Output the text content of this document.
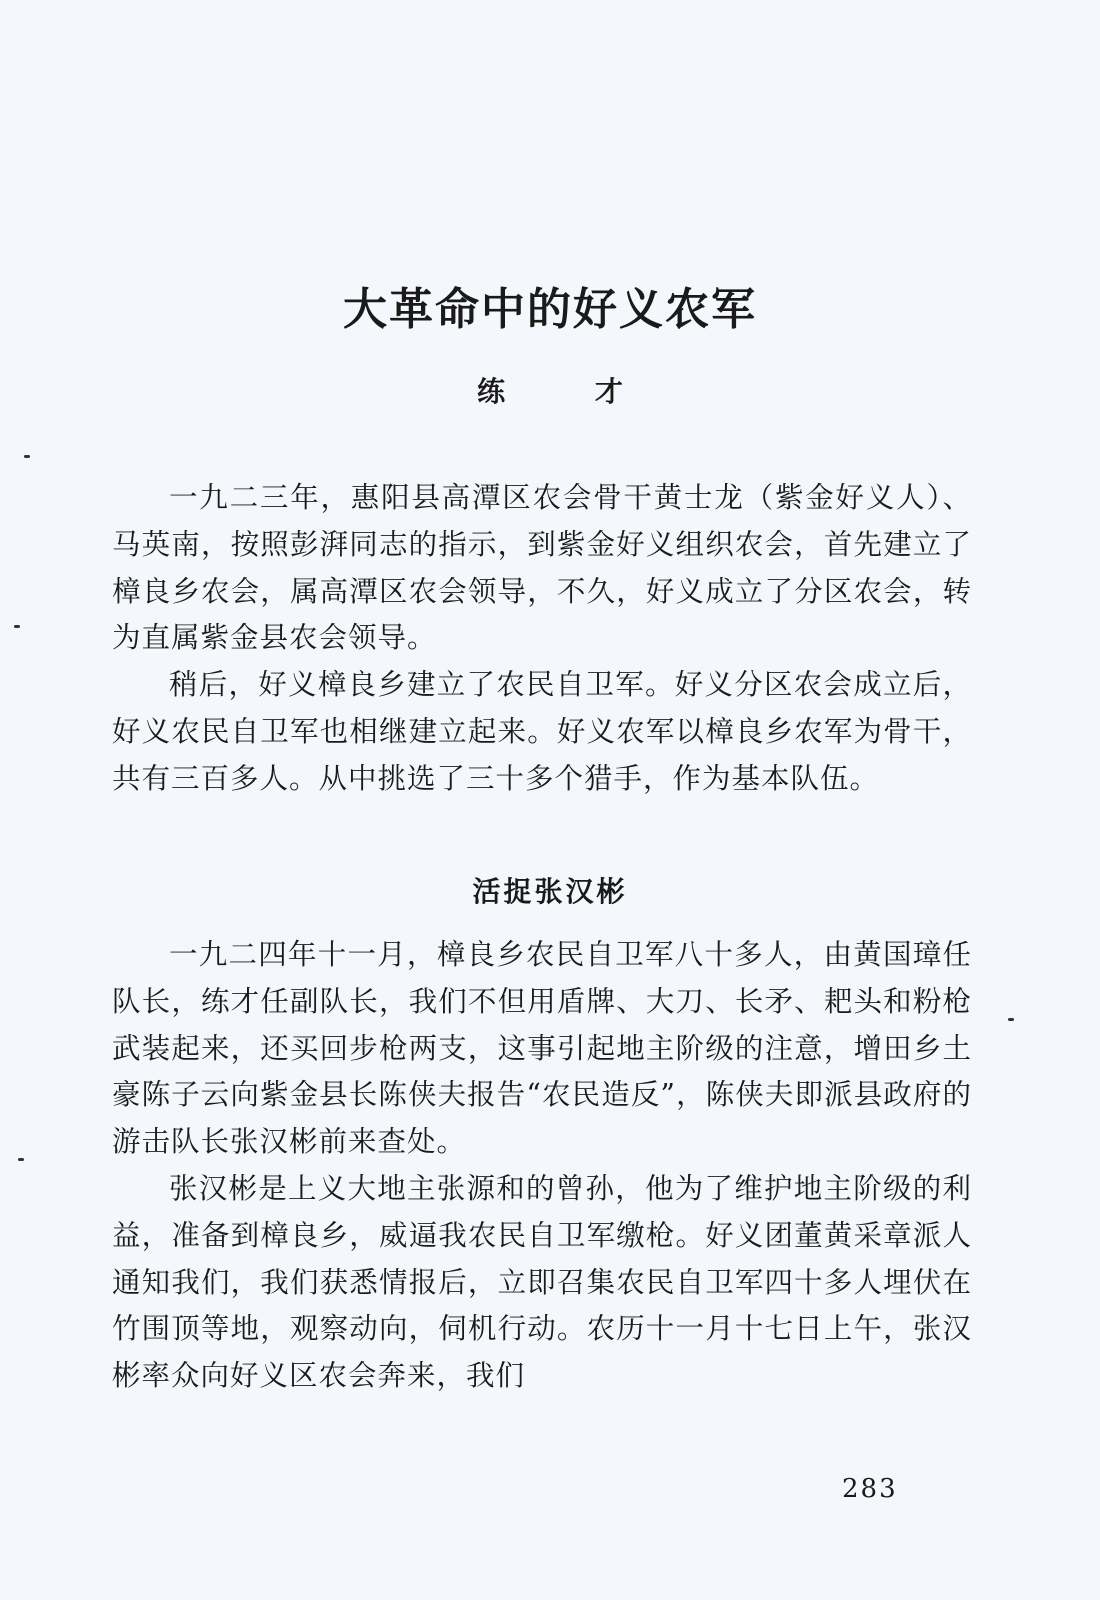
大革命中的好义农军
练 才

一九二三年，惠阳县高潭区农会骨干黄士龙（紫金好义人）、马英南，按照彭湃同志的指示，到紫金好义组织农会，首先建立了樟良乡农会，属高潭区农会领导，不久，好义成立了分区农会，转为直属紫金县农会领导。

稍后，好义樟良乡建立了农民自卫军。好义分区农会成立后，好义农民自卫军也相继建立起来。好义农军以樟良乡农军为骨干，共有三百多人。从中挑选了三十多个猎手，作为基本队伍。

活捉张汉彬

一九二四年十一月，樟良乡农民自卫军八十多人，由黄国璋任队长，练才任副队长，我们不但用盾牌、大刀、长矛、耙头和粉枪武装起来，还买回步枪两支，这事引起地主阶级的注意，增田乡土豪陈子云向紫金县长陈侠夫报告“农民造反”，陈侠夫即派县政府的游击队长张汉彬前来查处。

张汉彬是上义大地主张源和的曾孙，他为了维护地主阶级的利益，准备到樟良乡，威逼我农民自卫军缴枪。好义团董黄采章派人通知我们，我们获悉情报后，立即召集农民自卫军四十多人埋伏在竹围顶等地，观察动向，伺机行动。农历十一月十七日上午，张汉彬率众向好义区农会奔来，我们

283
